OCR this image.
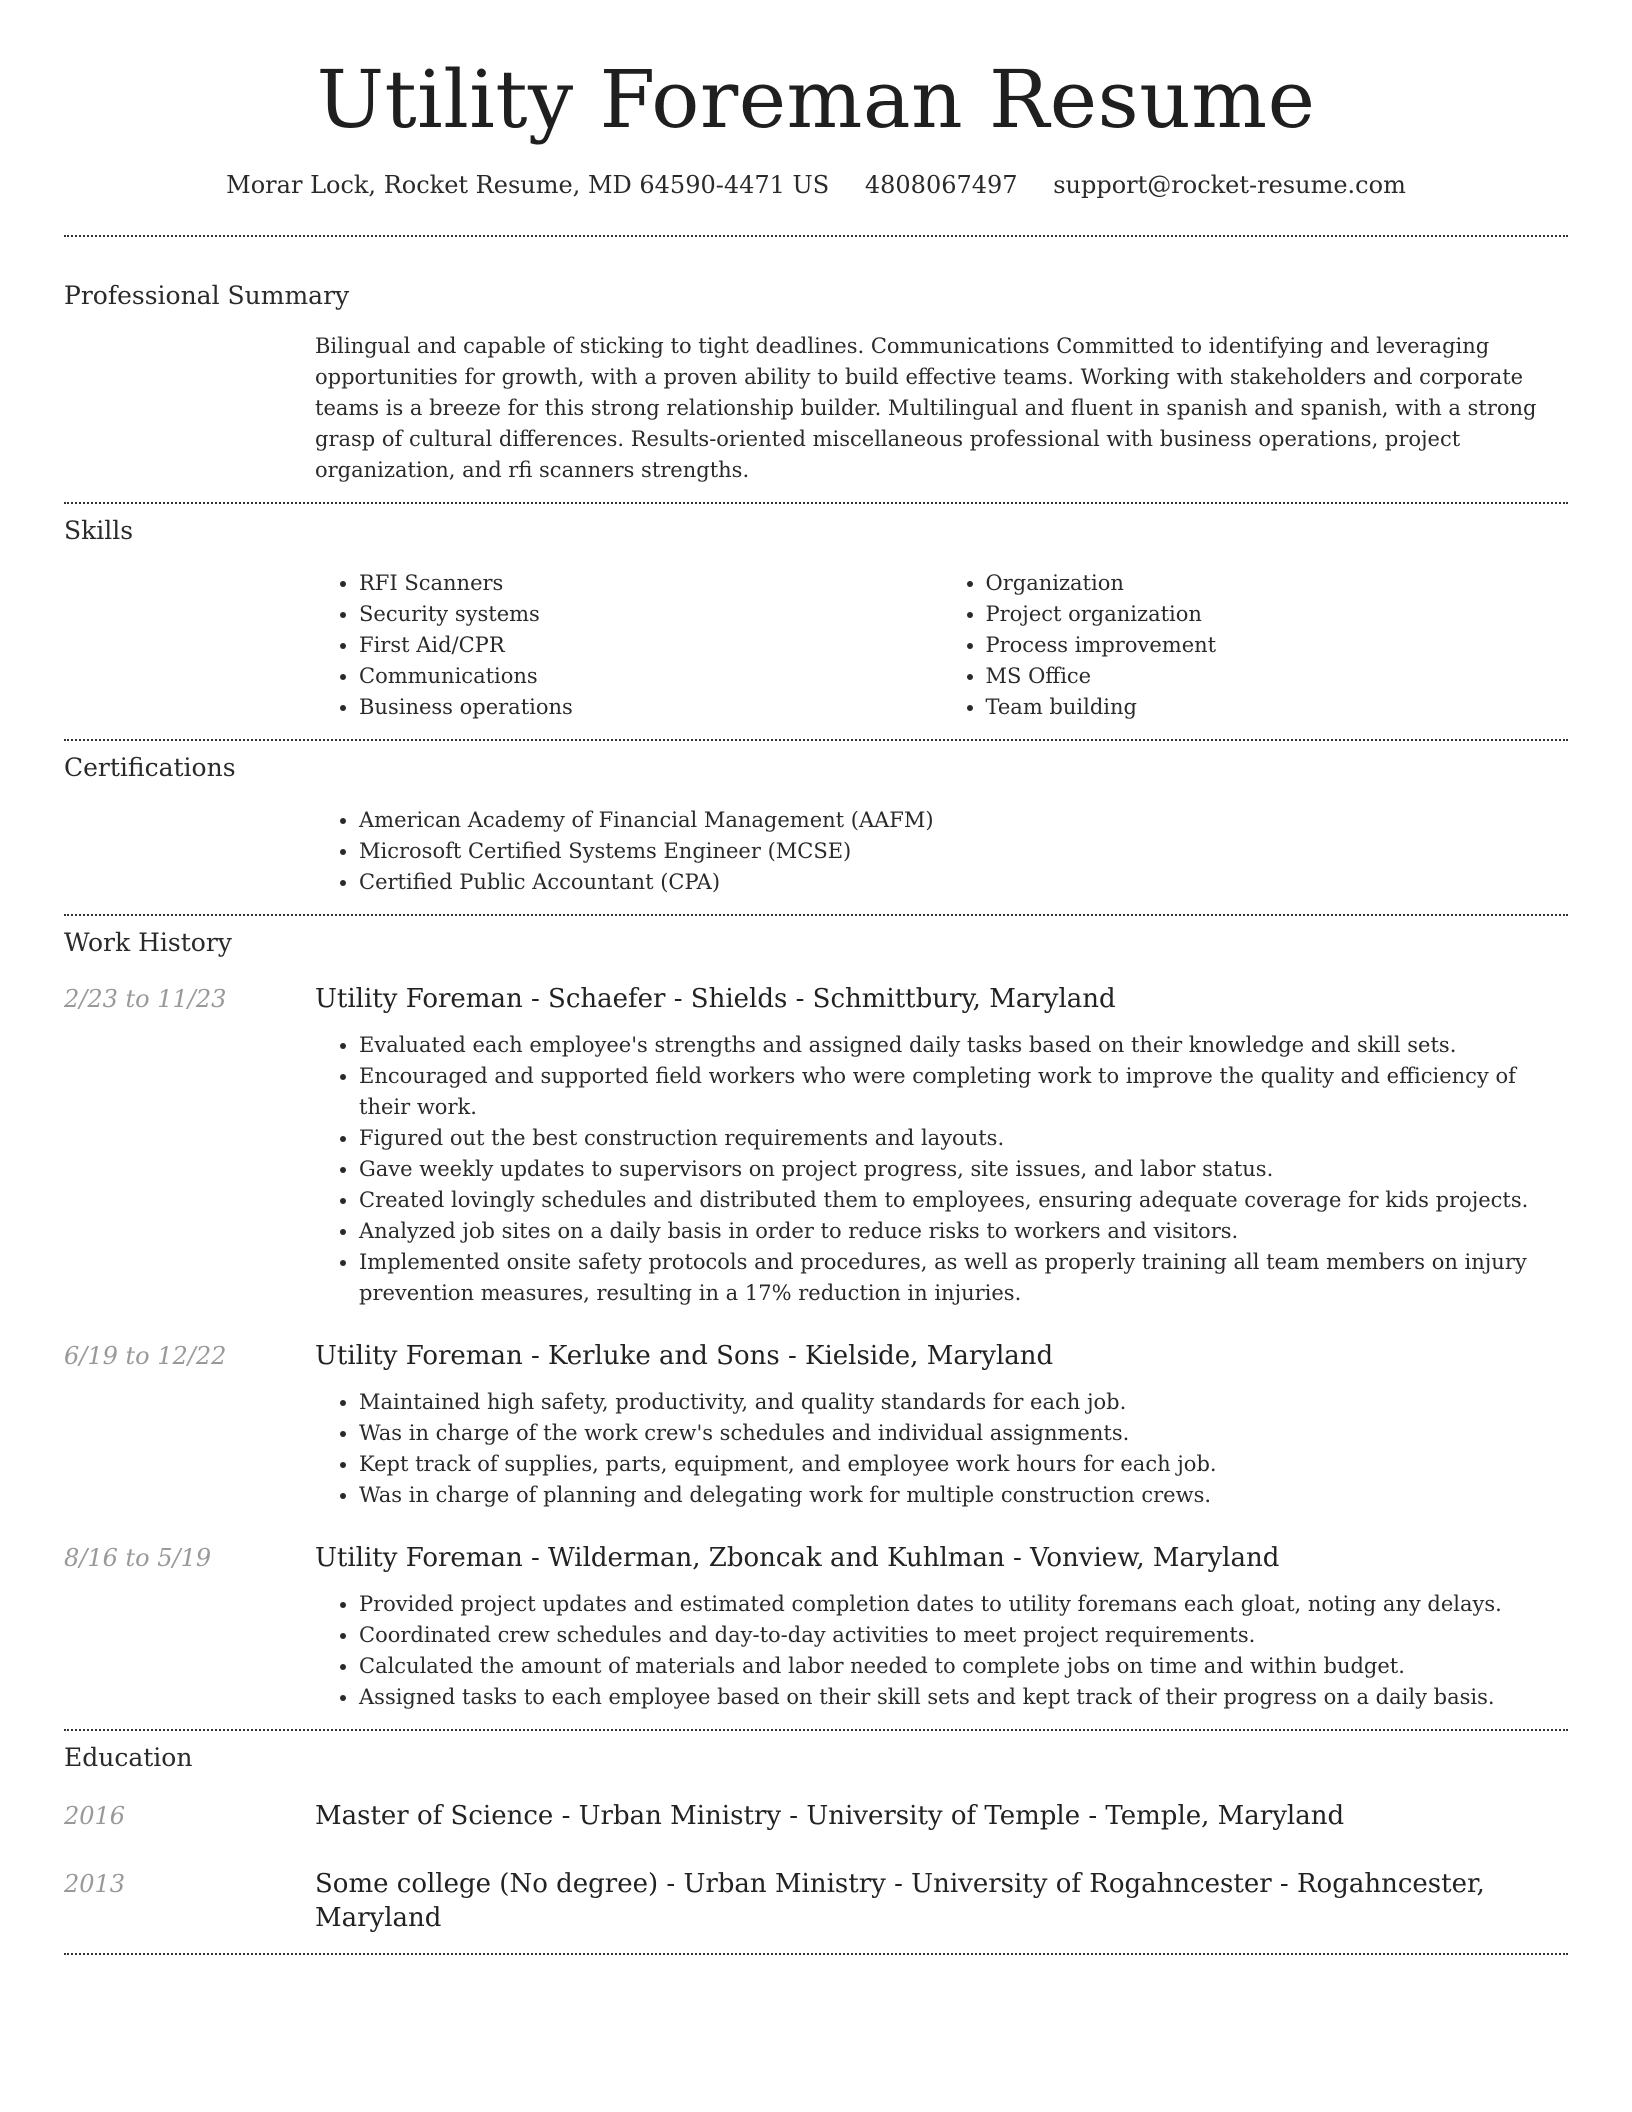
Utility Foreman Resume
Morar Lock, Rocket Resume, MD 64590-4471 US 4808067497 support@rocket-resume.com
Professional Summary

Bilingual and capable of sticking to tight deadlines. Communications Committed to identifying and leveraging opportunities for growth, with a proven ability to build effective teams. Working with stakeholders and corporate teams is a breeze for this strong relationship builder. Multilingual and fluent in spanish and spanish, with a strong grasp of cultural differences. Results-oriented miscellaneous professional with business operations, project organization, and rfi scanners strengths.

Skills
• RFI Scanners
• Security systems
• First Aid/CPR
• Communications
• Business operations
• Organization
• Project organization
• Process improvement
• MS Office
• Team building
Certifications
• American Academy of Financial Management (AAFM)
• Microsoft Certified Systems Engineer (MCSE)
• Certified Public Accountant (CPA)
Work History
2/23 to 11/23	Utility Foreman - Schaefer - Shields - Schmittbury, Maryland
• Evaluated each employee's strengths and assigned daily tasks based on their knowledge and skill sets.
• Encouraged and supported field workers who were completing work to improve the quality and efficiency of their work.
• Figured out the best construction requirements and layouts.
• Gave weekly updates to supervisors on project progress, site issues, and labor status.
• Created lovingly schedules and distributed them to employees, ensuring adequate coverage for kids projects.
• Analyzed job sites on a daily basis in order to reduce risks to workers and visitors.
• Implemented onsite safety protocols and procedures, as well as properly training all team members on injury prevention measures, resulting in a 17% reduction in injuries.
6/19 to 12/22	Utility Foreman - Kerluke and Sons - Kielside, Maryland
• Maintained high safety, productivity, and quality standards for each job.
• Was in charge of the work crew's schedules and individual assignments.
• Kept track of supplies, parts, equipment, and employee work hours for each job.
• Was in charge of planning and delegating work for multiple construction crews.
8/16 to 5/19	Utility Foreman - Wilderman, Zboncak and Kuhlman - Vonview, Maryland
• Provided project updates and estimated completion dates to utility foremans each gloat, noting any delays.
• Coordinated crew schedules and day-to-day activities to meet project requirements.
• Calculated the amount of materials and labor needed to complete jobs on time and within budget.
• Assigned tasks to each employee based on their skill sets and kept track of their progress on a daily basis.
Education
2016	Master of Science - Urban Ministry - University of Temple - Temple, Maryland
2013	Some college (No degree) - Urban Ministry - University of Rogahncester - Rogahncester, Maryland
